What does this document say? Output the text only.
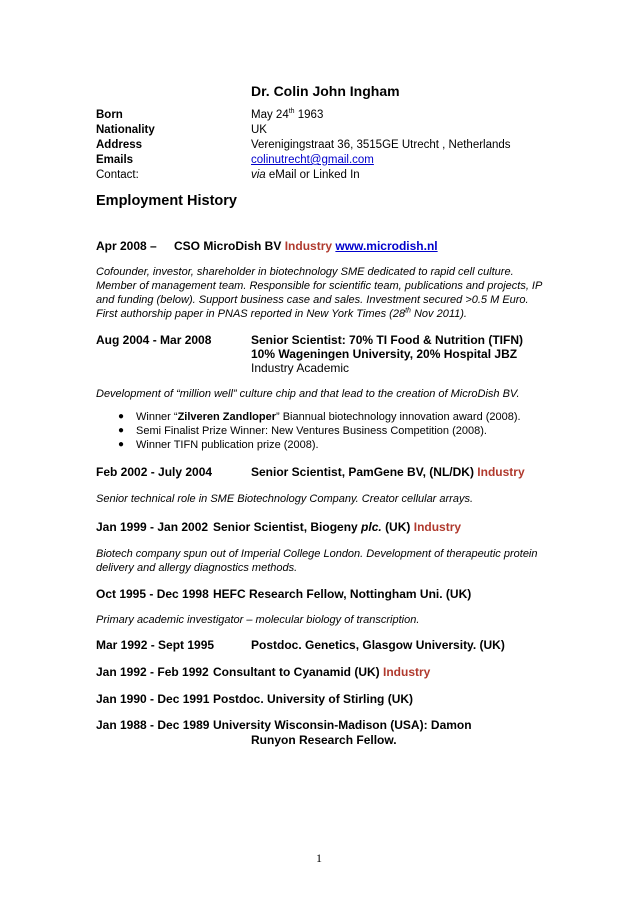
Dr. Colin John Ingham
Born	May 24th 1963
Nationality	UK
Address	Verenigingstraat 36, 3515GE Utrecht , Netherlands
Emails	colinutrecht@gmail.com
Contact:	via eMail or Linked In
Employment History
Apr 2008 – CSO MicroDish BV Industry www.microdish.nl
Cofounder, investor, shareholder in biotechnology SME dedicated to rapid cell culture.
Member of management team. Responsible for scientific team, publications and projects, IP
and funding (below). Support business case and sales. Investment secured >0.5 M Euro.
First authorship paper in PNAS reported in New York Times (28th Nov 2011).
Aug 2004 - Mar 2008	Senior Scientist: 70% TI Food & Nutrition (TIFN)
10% Wageningen University, 20% Hospital JBZ
Industry Academic
Development of “million well” culture chip and that lead to the creation of MicroDish BV.
● Winner “Zilveren Zandloper” Biannual biotechnology innovation award (2008).
● Semi Finalist Prize Winner: New Ventures Business Competition (2008).
● Winner TIFN publication prize (2008).
Feb 2002 - July 2004	Senior Scientist, PamGene BV, (NL/DK) Industry
Senior technical role in SME Biotechnology Company. Creator cellular arrays.
Jan 1999 - Jan 2002 Senior Scientist, Biogeny plc. (UK) Industry
Biotech company spun out of Imperial College London. Development of therapeutic protein
delivery and allergy diagnostics methods.
Oct 1995 - Dec 1998 HEFC Research Fellow, Nottingham Uni. (UK)
Primary academic investigator – molecular biology of transcription.
Mar 1992 - Sept 1995	Postdoc. Genetics, Glasgow University. (UK)
Jan 1992 - Feb 1992 Consultant to Cyanamid (UK) Industry
Jan 1990 - Dec 1991 Postdoc. University of Stirling (UK)
Jan 1988 - Dec 1989 University Wisconsin-Madison (USA): Damon
Runyon Research Fellow.
1
